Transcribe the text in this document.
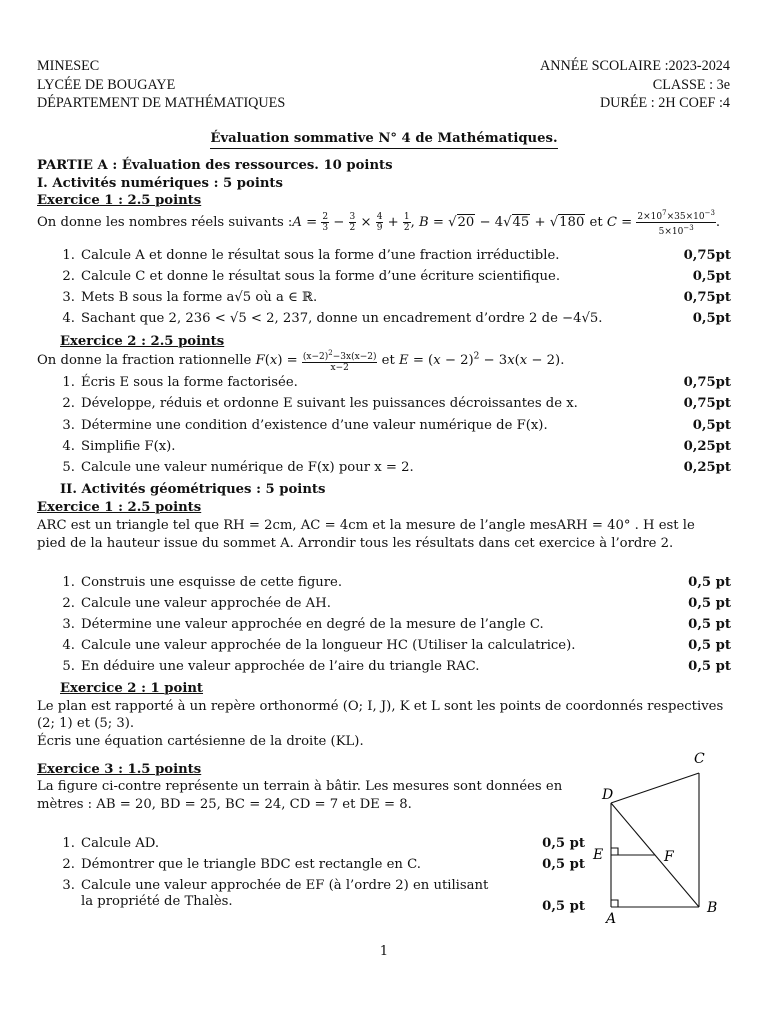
MINESEC
LYCÉE DE BOUGAYE
DÉPARTEMENT DE MATHÉMATIQUES
ANNÉE SCOLAIRE :2023-2024
CLASSE : 3e
DURÉE : 2H COEF :4
Évaluation sommative N° 4 de Mathématiques.
PARTIE A : Évaluation des ressources. 10 points
I. Activités numériques : 5 points
Exercice 1 : 2.5 points
On donne les nombres réels suivants :A = $\frac{2}{3} - \frac{3}{2} \times \frac{4}{9} + \frac{1}{2}$ , B = √20 − 4√45 + √180 et $C = \frac{2\times 10^7\times 35\times 10^{-3}}{5\times 10^{-3}}$ .
1. Calcule A et donne le résultat sous la forme d’une fraction irréductible.	0,75pt
2. Calcule C et donne le résultat sous la forme d’une écriture scientifique.	0,5pt
3. Mets B sous la forme a√5 où a ∈ ℝ.	0,75pt
4. Sachant que 2, 236 < √5 < 2, 237, donne un encadrement d’ordre 2 de −4√5.	0,5pt
Exercice 2 : 2.5 points
On donne la fraction rationnelle $F(x) = \frac{(x-2)^2-3x(x-2)}{x-2}$ et $E = (x - 2)^2 - 3x(x - 2)$.
1. Écris E sous la forme factorisée.	0,75pt
2. Développe, réduis et ordonne E suivant les puissances décroissantes de x.	0,75pt
3. Détermine une condition d’existence d’une valeur numérique de F(x).	0,5pt
4. Simplifie F(x).	0,25pt
5. Calcule une valeur numérique de F(x) pour x = 2.	0,25pt
II. Activités géométriques : 5 points
Exercice 1 : 2.5 points
ARC est un triangle tel que RH = 2cm, AC = 4cm et la mesure de l’angle mesARH = 40° . H est le
pied de la hauteur issue du sommet A. Arrondir tous les résultats dans cet exercice à l’ordre 2.
1. Construis une esquisse de cette figure.	0,5 pt
2. Calcule une valeur approchée de AH.	0,5 pt
3. Détermine une valeur approchée en degré de la mesure de l’angle C.	0,5 pt
4. Calcule une valeur approchée de la longueur HC (Utiliser la calculatrice).	0,5 pt
5. En déduire une valeur approchée de l’aire du triangle RAC.	0,5 pt
Exercice 2 : 1 point
Le plan est rapporté à un repère orthonormé (O; I, J), K et L sont les points de coordonnés respectives
(2; 1) et (5; 3).
Écris une équation cartésienne de la droite (KL).
Exercice 3 : 1.5 points
La figure ci-contre représente un terrain à bâtir. Les mesures sont données en
mètres : AB = 20, BD = 25, BC = 24, CD = 7 et DE = 8.
1. Calcule AD.	0,5 pt
2. Démontrer que le triangle BDC est rectangle en C.	0,5 pt
3. Calcule une valeur approchée de EF (à l’ordre 2) en utilisant
la propriété de Thalès.	0,5 pt
C
D
E	F
A
B
1
